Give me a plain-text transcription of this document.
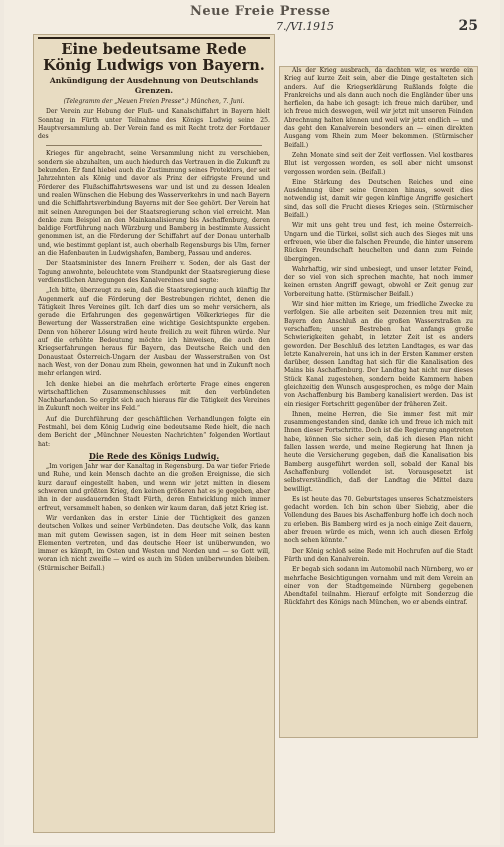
Neue Freie Presse
25
7./VI.1915
Eine bedeutsame Rede König Ludwigs von Bayern.
Ankündigung der Ausdehnung von Deutschlands Grenzen.
(Telegramm der „Neuen Freien Presse“.) München, 7. Juni.

Der Verein zur Hebung der Fluß- und Kanalschiffahrt in Bayern hielt Sonntag in Fürth unter Teilnahme des Königs Ludwig seine 25. Hauptversammlung ab. Der Verein fand es mit Recht trotz der Fortdauer des

Krieges für angebracht, seine Versammlung nicht zu verschieben, sondern sie abzuhalten, um auch hiedurch das Vertrauen in die Zukunft zu bekunden. Er fand hiebei auch die Zustimmung seines Protektors, der seit Jahrzehnten als König und davor als Prinz der eifrigste Freund und Förderer des Flußschiffahrtswesens war und ist und zu dessen Idealen und realen Wünschen die Hebung des Wasserverkehrs in und nach Bayern und die Schiffahrtsverbindung Bayerns mit der See gehört. Der Verein hat mit seinen Anregungen bei der Staatsregierung schon viel erreicht. Man denke zum Beispiel an den Mainkanalisierung bis Aschaffenburg, deren baldige Fortführung nach Würzburg und Bamberg in bestimmte Aussicht genommen ist, an die Förderung der Schiffahrt auf der Donau unterhalb und, wie bestimmt geplant ist, auch oberhalb Regensburgs bis Ulm, ferner an die Hafenbauten in Ludwigshafen, Bamberg, Passau und anderes.

Der Staatsminister des Innern Freiherr v. Soden, der als Gast der Tagung anwohnte, beleuchtete vom Standpunkt der Staatsregierung diese verdienstlichen Anregungen des Kanalvereines und sagte:

„Ich bitte, überzeugt zu sein, daß die Staatsregierung auch künftig Ihr Augenmerk auf die Förderung der Bestrebungen richtet, denen die Tätigkeit Ihres Vereines gilt. Ich darf dies um so mehr versichern, als gerade die Erfahrungen des gegenwärtigen Völkerkrieges für die Bewertung der Wasserstraßen eine wichtige Gesichtspunkte ergeben. Denn von höherer Lösung wird heute freilich zu weit führen würde. Nur auf die erhöhte Bedeutung möchte ich hinweisen, die auch den Kriegserfahrungen heraus für Bayern, das Deutsche Reich und den Donaustaat Österreich-Ungarn der Ausbau der Wasserstraßen von Ost nach West, von der Donau zum Rhein, gewonnen hat und in Zukunft noch mehr erlangen wird.

Ich denke hiebei an die mehrfach erörterte Frage eines engeren wirtschaftlichen Zusammenschlusses mit den verbündeten Nachbarlanden. So ergibt sich auch hieraus für die Tätigkeit des Vereines in Zukunft noch weiter ins Feld.“

Auf die Durchführung der geschäftlichen Verhandlungen folgte ein Festmahl, bei dem König Ludwig eine bedeutsame Rede hielt, die nach dem Bericht der „Münchner Neuesten Nachrichten“ folgenden Wortlaut hat:

Die Rede des Königs Ludwig.

„Im vorigen Jahr war der Kanaltag in Regensburg. Da war tiefer Friede und Ruhe, und kein Mensch dachte an die großen Ereignisse, die sich kurz darauf eingestellt haben, und wenn wir jetzt mitten in diesem schweren und größten Krieg, den keinen größeren hat es je gegeben, aber ihn in der ausdauernden Stadt Fürth, deren Entwicklung mich immer erfreut, versammelt haben, so denken wir kaum daran, daß jetzt Krieg ist.

Wir verdanken das in erster Linie der Tüchtigkeit des ganzen deutschen Volkes und seiner Verbündeten. Das deutsche Volk, das kann man mit gutem Gewissen sagen, ist in dem Heer mit seinen besten Elementen vertreten, und das deutsche Heer ist unüberwunden, wo immer es kämpft, im Osten und Westen und Norden und — so Gott will, woran ich nicht zweifle — wird es auch im Süden unüberwunden bleiben. (Stürmischer Beifall.)

Als der Krieg ausbrach, da dachten wir, es werde ein Krieg auf kurze Zeit sein, aber die Dinge gestalteten sich anders. Auf die Kriegserklärung Rußlands folgte die Frankreichs und als dann auch noch die Engländer über uns herfielen, da habe ich gesagt: ich freue mich darüber, und ich freue mich deswegen, weil wir jetzt mit unseren Feinden Abrechnung halten können und weil wir jetzt endlich — und das geht den Kanalverein besonders an — einen direkten Ausgang vom Rhein zum Meer bekommen. (Stürmischer Beifall.)

Zehn Monate sind seit der Zeit verflossen. Viel kostbares Blut ist vergossen worden, es soll aber nicht umsonst vergossen worden sein. (Beifall.)

Eine Stärkung des Deutschen Reiches und eine Ausdehnung über seine Grenzen hinaus, soweit dies notwendig ist, damit wir gegen künftige Angriffe gesichert sind, das soll die Frucht dieses Krieges sein. (Stürmischer Beifall.)

Wir mit uns geht treu und fest, ich meine Österreich-Ungarn und die Türkei, sollst sich auch des Sieges mit uns erfreuen, wie über die falschen Freunde, die hinter unserem Rücken Freundschaft heuchelten und dann zum Feinde übergingen.

Wahrhaftig, wir sind unbesiegt, und unser letzter Feind, der so viel von sich sprechen machte, hat noch immer keinen ernsten Angriff gewagt, obwohl er Zeit genug zur Vorbereitung hatte. (Stürmischer Beifall.)

Wir sind hier mitten im Kriege, um friedliche Zwecke zu verfolgen. Sie alle arbeiten seit Dezennien treu mit mir, Bayern den Anschluß an die großen Wasserstraßen zu verschaffen; unser Bestreben hat anfangs große Schwierigkeiten gehabt, in letzter Zeit ist es anders geworden. Der Beschluß des letzten Landtages, es war das letzte Kanalverein, hat uns ich in der Ersten Kammer ersten darüber, dessen Landtag hat sich für die Kanalisation des Mains bis Aschaffenburg. Der Landtag hat nicht nur dieses Stück Kanal zugestehen, sondern beide Kammern haben gleichzeitig den Wunsch ausgesprochen, es möge der Main von Aschaffenburg bis Bamberg kanalisiert werden. Das ist ein riesiger Fortschritt gegenüber der früheren Zeit.

Ihnen, meine Herren, die Sie immer fest mit mir zusammengestanden sind, danke ich und freue ich mich mit Ihnen dieser Fortschritte. Doch ist die Regierung angetreten habe, können Sie sicher sein, daß ich diesen Plan nicht fallen lassen werde, und meine Regierung hat Ihnen ja heute die Versicherung gegeben, daß die Kanalisation bis Bamberg ausgeführt werden soll, sobald der Kanal bis Aschaffenburg vollendet ist. Vorausgesetzt ist selbstverständlich, daß der Landtag die Mittel dazu bewilligt.

Es ist heute das 70. Geburtstages unseres Schatzmeisters gedacht worden. Ich bin schon über Siebzig, aber die Vollendung des Baues bis Aschaffenburg hoffe ich doch noch zu erleben. Bis Bamberg wird es ja noch einige Zeit dauern, aber freuen würde es mich, wenn ich auch diesen Erfolg noch sehen könnte.“

Der König schloß seine Rede mit Hochrufen auf die Stadt Fürth und den Kanalverein.

Er begab sich sodann im Automobil nach Nürnberg, wo er mehrfache Besichtigungen vornahm und mit dem Verein an einer von der Stadtgemeinde Nürnberg gegebenen Abendtafel teilnahm. Hierauf erfolgte mit Sonderzug die Rückfahrt des Königs nach München, wo er abends eintraf.
